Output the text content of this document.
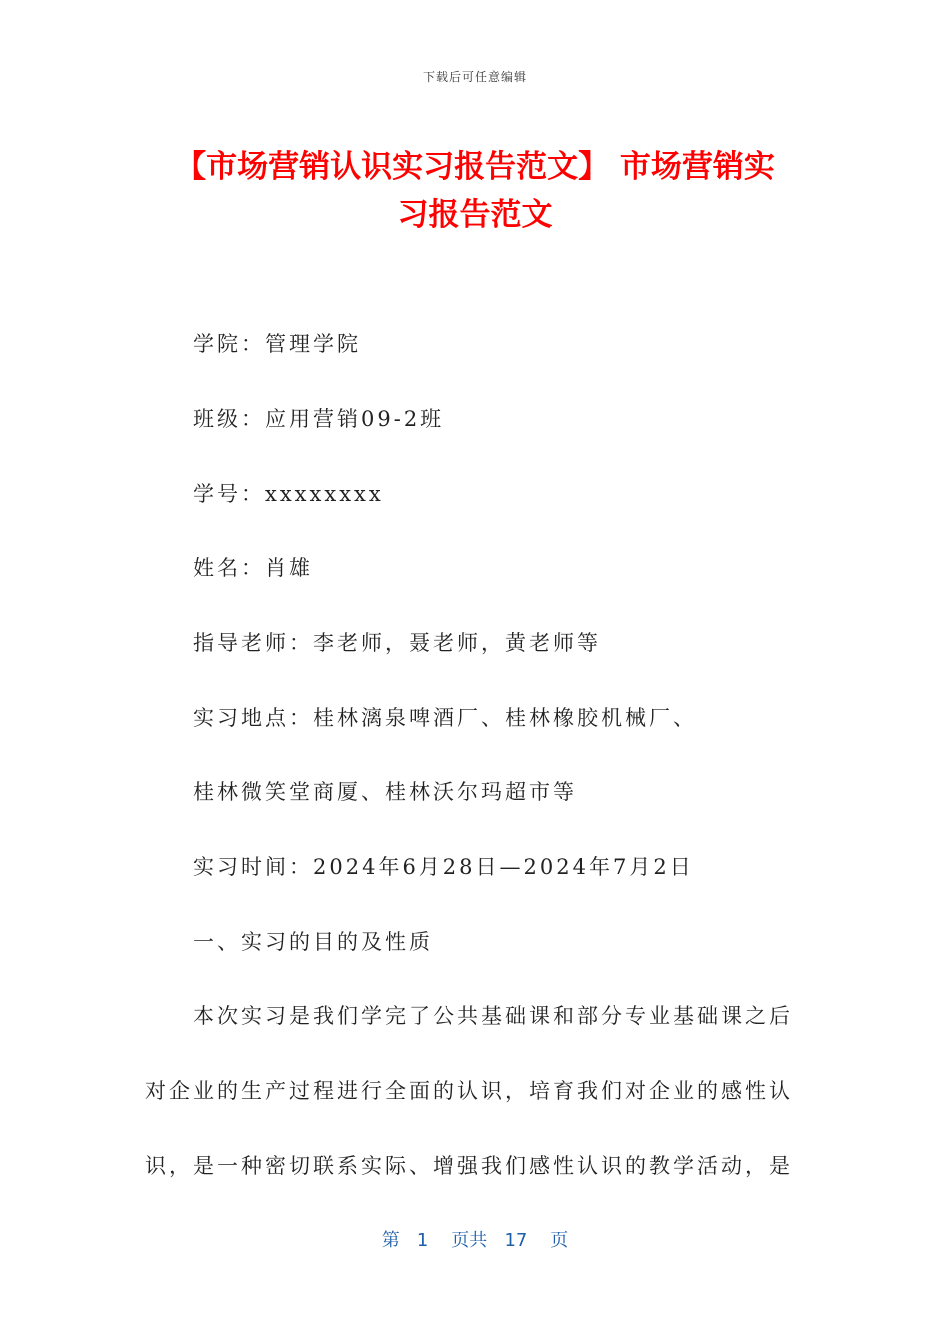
下载后可任意编辑
【市场营销认识实习报告范文】 市场营销实
习报告范文
学院：管理学院
班级：应用营销09-2班
学号：xxxxxxxx
姓名：肖雄
指导老师：李老师，聂老师，黄老师等
实习地点：桂林漓泉啤酒厂、桂林橡胶机械厂、
桂林微笑堂商厦、桂林沃尔玛超市等
实习时间：2024年6月28日—2024年7月2日
一、实习的目的及性质
本次实习是我们学完了公共基础课和部分专业基础课之后
对企业的生产过程进行全面的认识，培育我们对企业的感性认
识，是一种密切联系实际、增强我们感性认识的教学活动，是
第 1 页共 17 页
